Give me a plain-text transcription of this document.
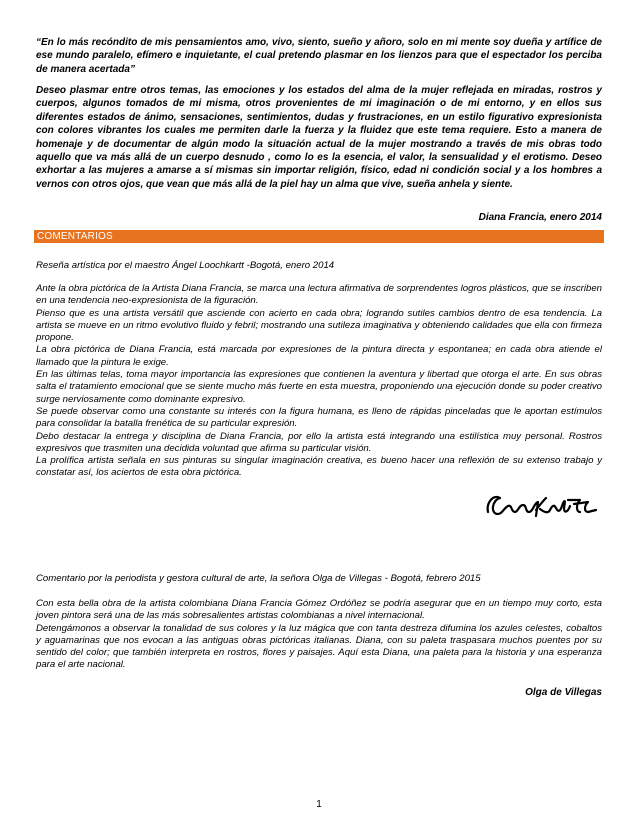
“En lo más recóndito de mis pensamientos amo, vivo, siento, sueño y añoro, solo en mi mente soy dueña y artífice de ese mundo paralelo, efímero e inquietante, el cual pretendo plasmar en los lienzos para que el espectador los perciba de manera acertada”

Deseo plasmar entre otros temas, las emociones y los estados del alma de la mujer reflejada en miradas, rostros y cuerpos, algunos tomados de mi misma, otros provenientes de mi imaginación o de mi entorno, y en ellos sus diferentes estados de ánimo, sensaciones, sentimientos, dudas y frustraciones, en un estilo figurativo expresionista con colores vibrantes los cuales me permiten darle la fuerza y la fluidez que este tema requiere. Esto a manera de homenaje y de documentar de algún modo la situación actual de la mujer mostrando a través de mis obras todo aquello que va más allá de un cuerpo desnudo , como lo es la esencia, el valor, la sensualidad y el erotismo. Deseo exhortar a las mujeres a amarse a sí mismas sin importar religión, físico, edad ni condición social y a los hombres a vernos con otros ojos, que vean que más allá de la piel hay un alma que vive, sueña anhela y siente.

Diana Francia, enero 2014
COMENTARIOS
Reseña artística por el maestro Ángel Loochkartt -Bogotá, enero 2014

Ante la obra pictórica de la Artista Diana Francia, se marca una lectura afirmativa de sorprendentes logros plásticos, que se inscriben en una tendencia neo-expresionista de la figuración.

Pienso que es una artista versátil que asciende con acierto en cada obra; logrando sutiles cambios dentro de esa tendencia. La artista se mueve en un ritmo evolutivo fluido y febril; mostrando una sutileza imaginativa y obteniendo calidades que ella con firmeza propone.

La obra pictórica de Diana Francia, está marcada por expresiones de la pintura directa y espontanea; en cada obra atiende el llamado que la pintura le exige.

En las últimas telas, toma mayor importancia las expresiones que contienen la aventura y libertad que otorga el arte. En sus obras salta el tratamiento emocional que se siente mucho más fuerte en esta muestra, proponiendo una ejecución donde su poder creativo surge nerviosamente como dominante expresivo.

Se puede observar como una constante su interés con la figura humana, es lleno de rápidas pinceladas que le aportan estímulos para consolidar la batalla frenética de su particular expresión.

Debo destacar la entrega y disciplina de Diana Francia, por ello la artista está integrando una estilística muy personal. Rostros expresivos que trasmiten una decidida voluntad que afirma su particular visión.

La prolífica artista señala en sus pinturas su singular imaginación creativa, es bueno hacer una reflexión de su extenso trabajo y constatar así, los aciertos de esta obra pictórica.

Comentario por la periodista y gestora cultural de arte, la señora Olga de Villegas - Bogotá, febrero 2015

Con esta bella obra de la artista colombiana Diana Francia Gómez Ordóñez se podría asegurar que en un tiempo muy corto, esta joven pintora será una de las más sobresalientes artistas colombianas a nivel internacional.

Detengámonos a observar la tonalidad de sus colores y la luz mágica que con tanta destreza difumina los azules celestes, cobaltos y aguamarinas que nos evocan a las antiguas obras pictóricas italianas. Diana, con su paleta traspasara muchos puentes por su sentido del color; que también interpreta en rostros, flores y paisajes. Aquí esta Diana, una paleta para la historia y una esperanza para el arte nacional.

Olga de Villegas
1
